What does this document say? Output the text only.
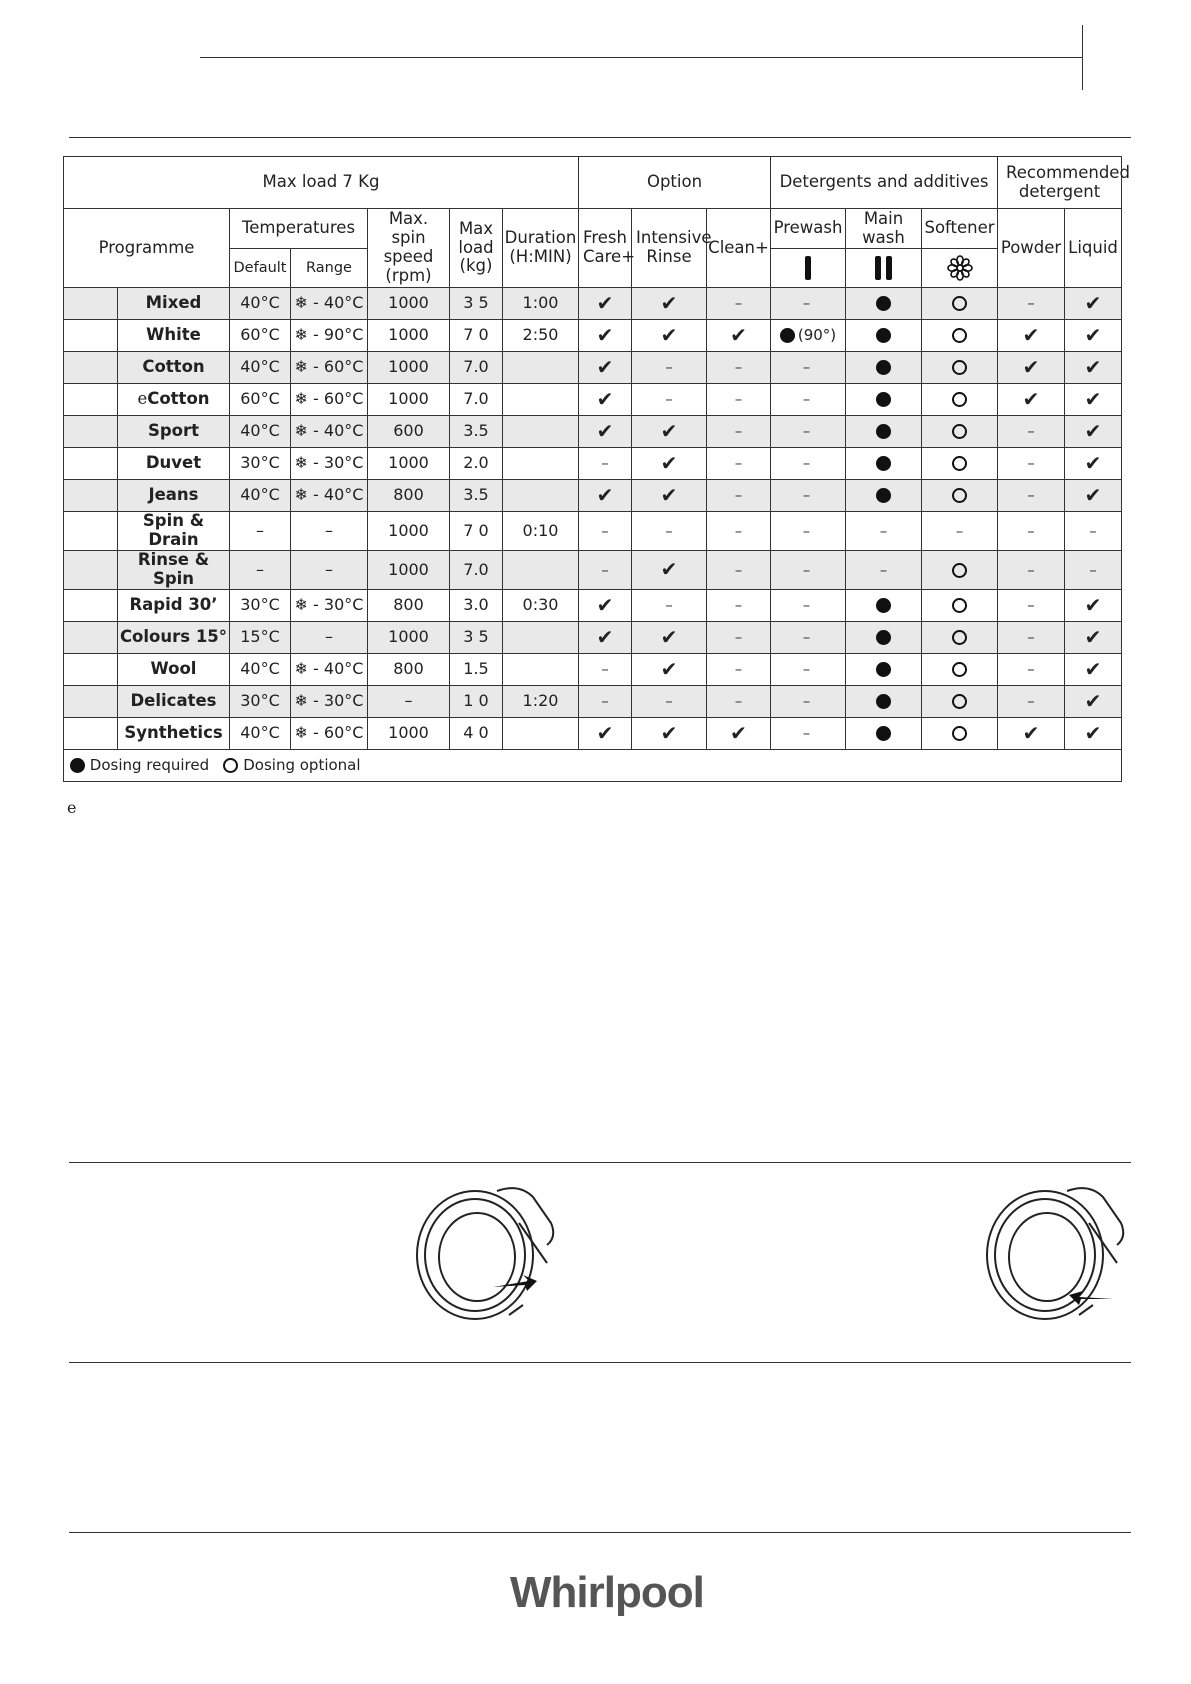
Max load 7 Kg							Option			Detergents and additives			Recommended detergent	
Programme		Temperatures		Max. spin speed (rpm)	Max load (kg)	Duration (H:MIN)	Fresh Care+	Intensive Rinse	Clean+	Prewash	Main wash	Softener	Powder	Liquid
		Default	Range		

	Mixed	40°C	❄ - 40°C	1000	3 5	1:00	✔	✔	–	–			–	✔
	White	60°C	❄ - 90°C	1000	7 0	2:50	✔	✔	✔	(90°)			✔	✔
	Cotton	40°C	❄ - 60°C	1000	7.0		✔	–	–	–			✔	✔
	eCotton	60°C	❄ - 60°C	1000	7.0		✔	–	–	–			✔	✔
	Sport	40°C	❄ - 40°C	600	3.5		✔	✔	–	–			–	✔
	Duvet	30°C	❄ - 30°C	1000	2.0		–	✔	–	–			–	✔
	Jeans	40°C	❄ - 40°C	800	3.5		✔	✔	–	–			–	✔
	Spin & Drain	–	–	1000	7 0	0:10	–	–	–	–	–	–	–	–
	Rinse & Spin	–	–	1000	7.0		–	✔	–	–	–		–	–
	Rapid 30’	30°C	❄ - 30°C	800	3.0	0:30	✔	–	–	–			–	✔
	Colours 15°	15°C	–	1000	3 5		✔	✔	–	–			–	✔
	Wool	40°C	❄ - 40°C	800	1.5		–	✔	–	–			–	✔
	Delicates	30°C	❄ - 30°C	–	1 0	1:20	–	–	–	–			–	✔
	Synthetics	40°C	❄ - 60°C	1000	4 0		✔	✔	✔	–			✔	✔
Dosing required Dosing optional														
e
Whirlpool
